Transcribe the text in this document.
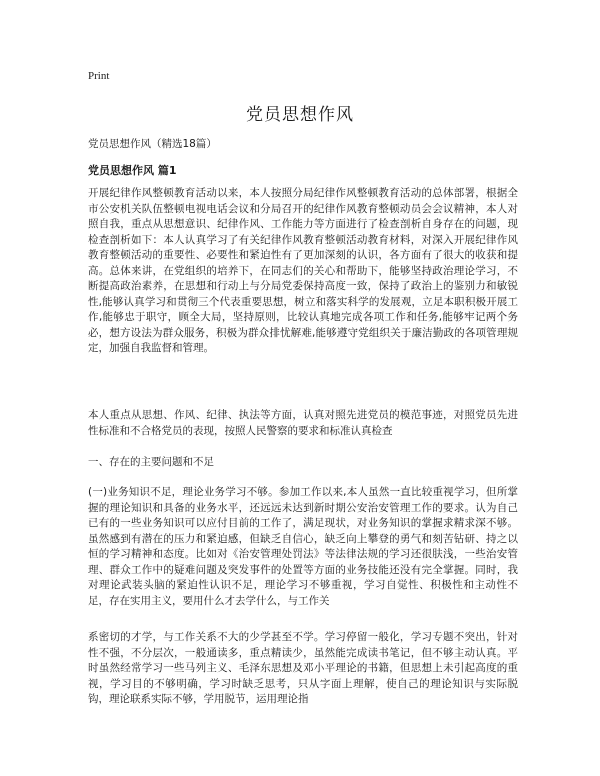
Print
党员思想作风

党员思想作风（精选18篇）

党员思想作风 篇1

开展纪律作风整顿教育活动以来，本人按照分局纪律作风整顿教育活动的总体部署，根据全市公安机关队伍整顿电视电话会议和分局召开的纪律作风教育整顿动员会会议精神，本人对照自我，重点从思想意识、纪律作风、工作能力等方面进行了检查剖析自身存在的问题，现检查剖析如下：本人认真学习了有关纪律作风教育整顿活动教育材料，对深入开展纪律作风教育整顿活动的重要性、必要性和紧迫性有了更加深刻的认识，各方面有了很大的收获和提高。总体来讲，在党组织的培养下，在同志们的关心和帮助下，能够坚持政治理论学习，不断提高政治素养，在思想和行动上与分局党委保持高度一致，保持了政治上的鉴别力和敏锐性,能够认真学习和贯彻三个代表重要思想，树立和落实科学的发展观，立足本职积极开展工作,能够忠于职守，顾全大局，坚持原则，比较认真地完成各项工作和任务,能够牢记两个务必，想方设法为群众服务，积极为群众排忧解难,能够遵守党组织关于廉洁勤政的各项管理规定，加强自我监督和管理。

本人重点从思想、作风、纪律、执法等方面，认真对照先进党员的模范事迹，对照党员先进性标准和不合格党员的表现，按照人民警察的要求和标准认真检查

一、存在的主要问题和不足

(一)业务知识不足，理论业务学习不够。参加工作以来,本人虽然一直比较重视学习，但所掌握的理论知识和具备的业务水平，还远远未达到新时期公安治安管理工作的要求。认为自己已有的一些业务知识可以应付目前的工作了，满足现状，对业务知识的掌握求精求深不够。虽然感到有潜在的压力和紧迫感，但缺乏自信心，缺乏向上攀登的勇气和刻苦钻研、持之以恒的学习精神和态度。比如对《治安管理处罚法》等法律法规的学习还很肤浅，一些治安管理、群众工作中的疑难问题及突发事件的处置等方面的业务技能还没有完全掌握。同时，我对理论武装头脑的紧迫性认识不足，理论学习不够重视，学习自觉性、积极性和主动性不足，存在实用主义，要用什么才去学什么，与工作关

系密切的才学，与工作关系不大的少学甚至不学。学习停留一般化，学习专题不突出，针对性不强，不分层次，一般通读多，重点精读少，虽然能完成读书笔记，但不够主动认真。平时虽然经常学习一些马列主义、毛泽东思想及邓小平理论的书籍，但思想上未引起高度的重视，学习目的不够明确，学习时缺乏思考，只从字面上理解，使自己的理论知识与实际脱钩，理论联系实际不够，学用脱节，运用理论指
